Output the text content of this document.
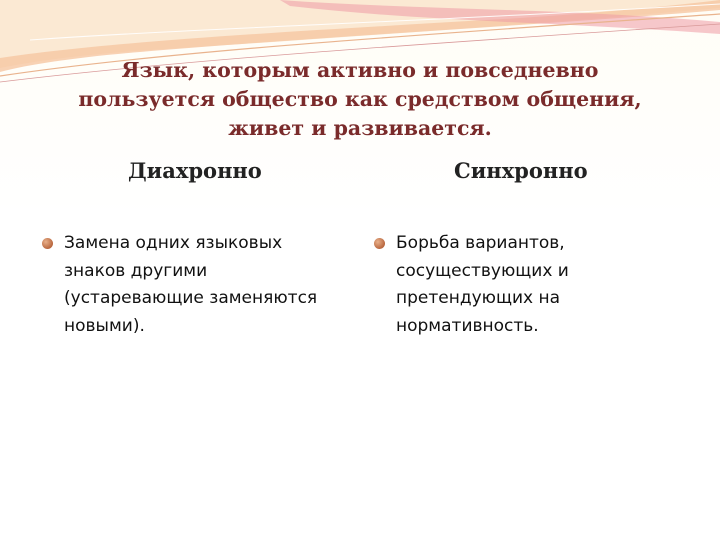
Язык, которым активно и повседневно
пользуется общество как средством общения,
живет и развивается.
Диахронно	Синхронно
Замена одних языковых
знаков другими
(устаревающие заменяются
новыми).
Борьба вариантов,
сосуществующих и
претендующих на
нормативность.
